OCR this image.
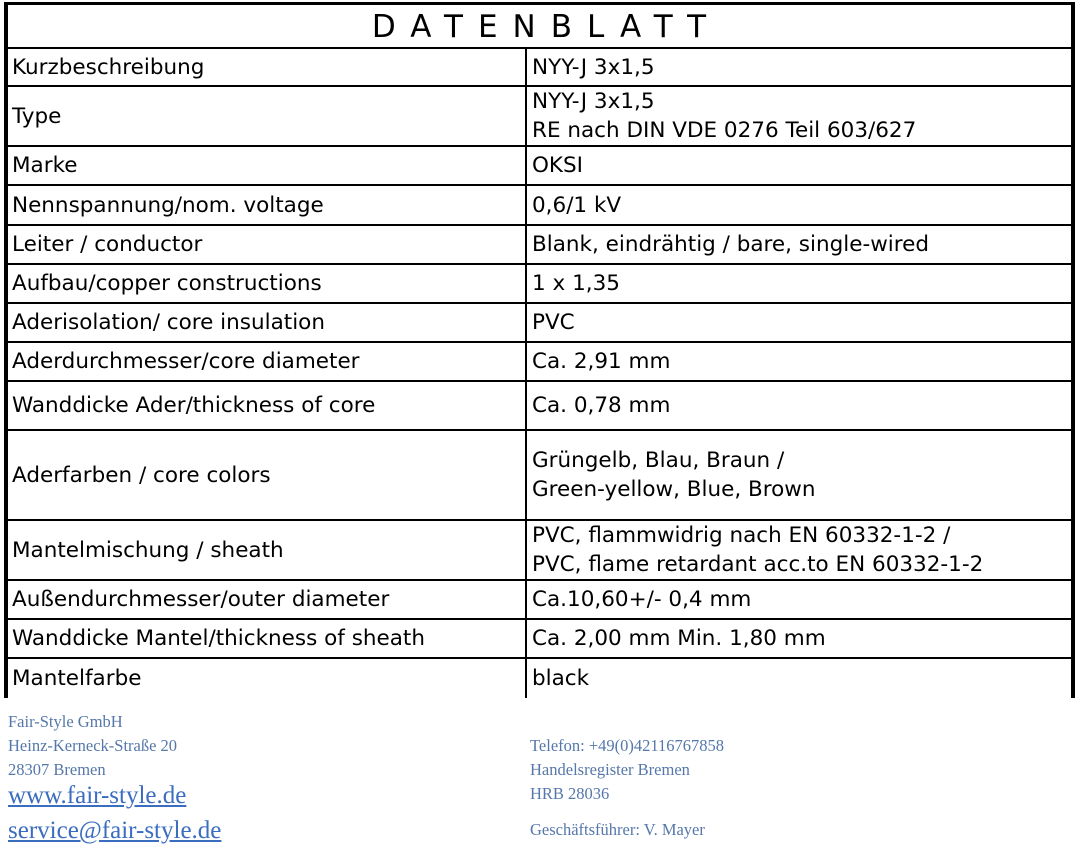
DATENBLATT
Kurzbeschreibung	NYY-J 3x1,5
Type	NYY-J 3x1,5
RE nach DIN VDE 0276 Teil 603/627
Marke	OKSI
Nennspannung/nom. voltage	0,6/1 kV
Leiter / conductor	Blank, eindrähtig / bare, single-wired
Aufbau/copper constructions	1 x 1,35
Aderisolation/ core insulation	PVC
Aderdurchmesser/core diameter	Ca. 2,91 mm
Wanddicke Ader/thickness of core	Ca. 0,78 mm
Aderfarben / core colors	Grüngelb, Blau, Braun /
Green-yellow, Blue, Brown
Mantelmischung / sheath	PVC, flammwidrig nach EN 60332-1-2 /
PVC, flame retardant acc.to EN 60332-1-2
Außendurchmesser/outer diameter	Ca.10,60+/- 0,4 mm
Wanddicke Mantel/thickness of sheath	Ca. 2,00 mm Min. 1,80 mm
Mantelfarbe	black
Fair-Style GmbH
Heinz-Kerneck-Straße 20
28307 Bremen
www.fair-style.de
service@fair-style.de
Telefon: +49(0)42116767858
Handelsregister Bremen
HRB 28036
Geschäftsführer: V. Mayer
